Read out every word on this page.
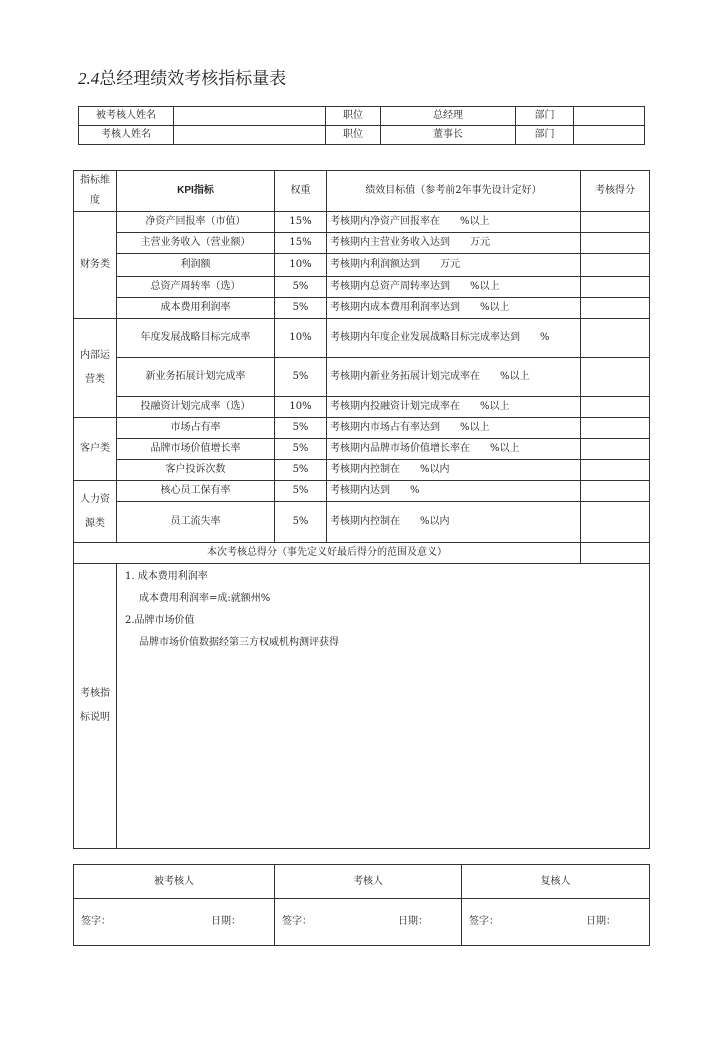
2.4总经理绩效考核指标量表
被考核人姓名		职位	总经理	部门	
考核人姓名		职位	董事长	部门	
指标维度	KPI指标	权重	绩效目标值（参考前2年事先设计定好）	考核得分
财务类	净资产回报率（市值）	15%	考核期内净资产回报率在　　%以上	
	主营业务收入（营业额）	15%	考核期内主营业务收入达到　　万元	
	利润额	10%	考核期内利润额达到　　万元	
	总资产周转率（选）	5%	考核期内总资产周转率达到　　%以上	
	成本费用利润率	5%	考核期内成本费用利润率达到　　%以上	
内部运营类	年度发展战略目标完成率	10%	考核期内年度企业发展战略目标完成率达到　　%	
	新业务拓展计划完成率	5%	考核期内新业务拓展计划完成率在　　%以上	
	投融资计划完成率（选）	10%	考核期内投融资计划完成率在　　%以上	
客户类	市场占有率	5%	考核期内市场占有率达到　　%以上	
	品牌市场价值增长率	5%	考核期内品牌市场价值增长率在　　%以上	
	客户投诉次数	5%	考核期内控制在　　%以内	
人力资源类	核心员工保有率	5%	考核期内达到　　%	
	员工流失率	5%	考核期内控制在　　%以内	
本次考核总得分（事先定义好最后得分的范围及意义）				
考核指标说明	1. 成本费用利润率
成本费用利润率=成:就额州%
2.品牌市场价值
品牌市场价值数据经第三方权威机构测评获得			
被考核人	考核人	复核人

签字： 日期：	签字： 日期：	签字： 日期：
